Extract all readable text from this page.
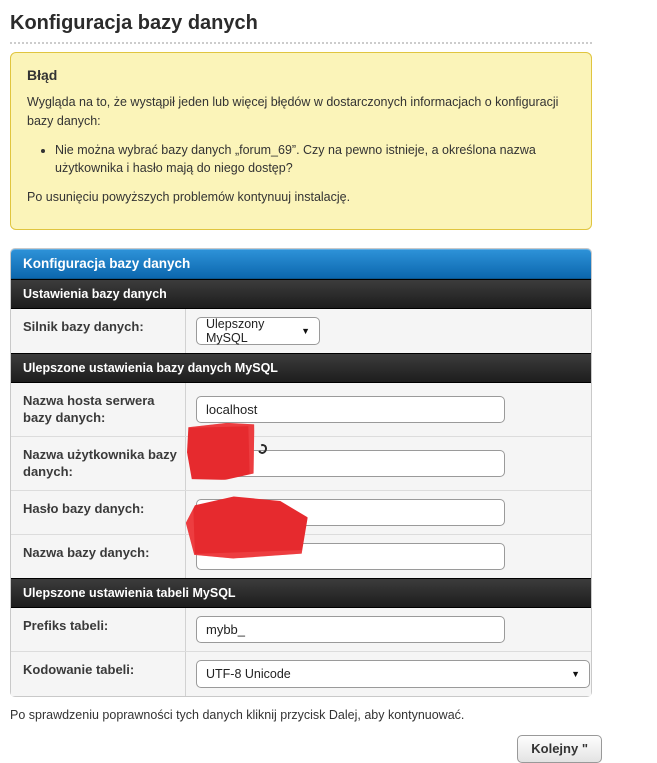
Konfiguracja bazy danych
Błąd

Wygląda na to, że wystąpił jeden lub więcej błędów w dostarczonych informacjach o konfiguracji bazy danych:

• Nie można wybrać bazy danych „forum_69”. Czy na pewno istnieje, a określona nazwa użytkownika i hasło mają do niego dostęp?

Po usunięciu powyższych problemów kontynuuj instalację.

Konfiguracja bazy danych
Ustawienia bazy danych
Silnik bazy danych:	Ulepszony MySQL	▼
Ulepszone ustawienia bazy danych MySQL
Nazwa hosta serwera bazy danych:
localhost
Nazwa użytkownika bazy danych:
Hasło bazy danych:
••••••••••
Nazwa bazy danych:
Ulepszone ustawienia tabeli MySQL
Prefiks tabeli:
mybb_
Kodowanie tabeli:	UTF-8 Unicode	▼

Po sprawdzeniu poprawności tych danych kliknij przycisk Dalej, aby kontynuować.

Kolejny "
